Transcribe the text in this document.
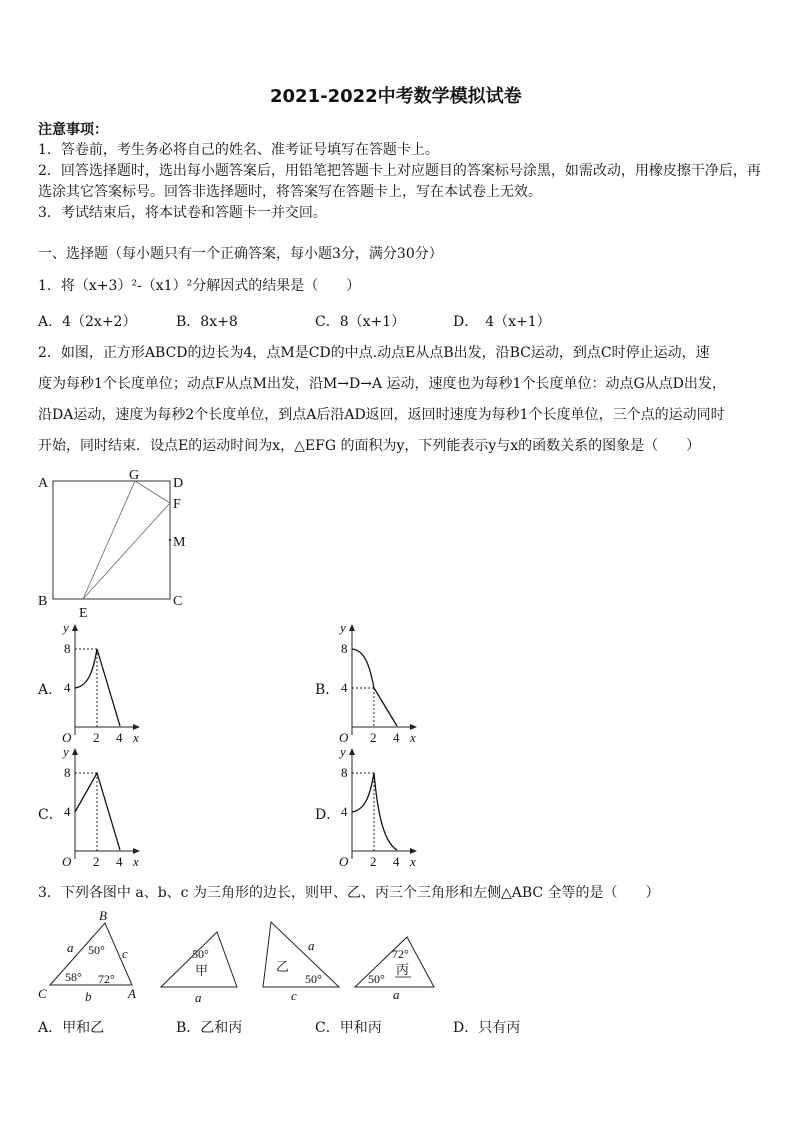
2021-2022中考数学模拟试卷
注意事项：
1．答卷前，考生务必将自己的姓名、准考证号填写在答题卡上。
2．回答选择题时，选出每小题答案后，用铅笔把答题卡上对应题目的答案标号涂黑，如需改动，用橡皮擦干净后，再
选涂其它答案标号。回答非选择题时，将答案写在答题卡上，写在本试卷上无效。
3．考试结束后，将本试卷和答题卡一并交回。
一、选择题（每小题只有一个正确答案，每小题3分，满分30分）
1．将（x+3）²-（x1）²分解因式的结果是（　　）
A．4（2x+2）	B．8x+8	C．8（x+1）	D．　4（x+1）
2．如图，正方形ABCD的边长为4，点M是CD的中点.动点E从点B出发，沿BC运动，到点C时停止运动，速
度为每秒1个长度单位；动点F从点M出发，沿M→D→A 运动，速度也为每秒1个长度单位：动点G从点D出发，
沿DA运动，速度为每秒2个长度单位，到点A后沿AD返回，返回时速度为每秒1个长度单位，三个点的运动同时
开始，同时结束．设点E的运动时间为x，△EFG 的面积为y，下列能表示y与x的函数关系的图象是（　　）
A
G
D
F
M
B	C
E
A．	B．
C．	D．
y
8
4
O 2 4 x
y
8
4
O 2 4 x
y
8
4
O 2 4 x
y
8
4
O 2 4 x
3．下列各图中 a、b、c 为三角形的边长，则甲、乙、丙三个三角形和左侧△ABC 全等的是（　　）
B
C	A
a	c
b
50°
58° 72°
50°
甲
a
乙
a
50°
c
72°
丙
50°
a
A．甲和乙	B．乙和丙	C．甲和丙	D．只有丙
